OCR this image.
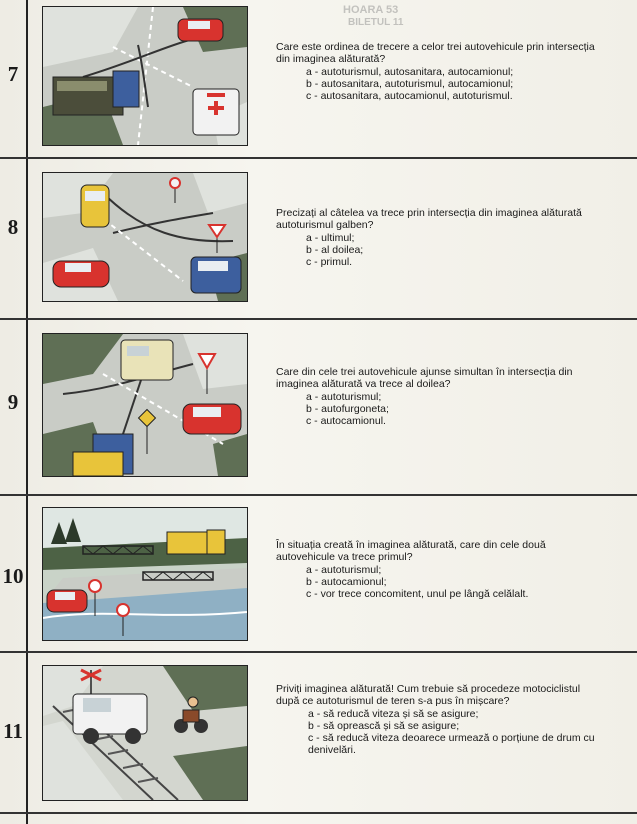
HOARA 53
BILETUL 11
7

Care este ordinea de trecere a celor trei autovehicule prin intersecția din imaginea alăturată?

a - autoturismul, autosanitara, autocamionul;
b - autosanitara, autoturismul, autocamionul;
c - autosanitara, autocamionul, autoturismul.
8

Precizați al câtelea va trece prin intersecția din imaginea alăturată autoturismul galben?

a - ultimul;
b - al doilea;
c - primul.
9

Care din cele trei autovehicule ajunse simultan în intersecția din imaginea alăturată va trece al doilea?

a - autoturismul;
b - autofurgoneta;
c - autocamionul.
10

În situația creată în imaginea alăturată, care din cele două autovehicule va trece primul?

a - autoturismul;
b - autocamionul;
c - vor trece concomitent, unul pe lângă celălalt.
11

Priviți imaginea alăturată! Cum trebuie să procedeze motociclistul după ce autoturismul de teren s-a pus în mișcare?

a - să reducă viteza și să se asigure;
b - să oprească și să se asigure;
c - să reducă viteza deoarece urmează o porțiune de drum cu denivelări.
